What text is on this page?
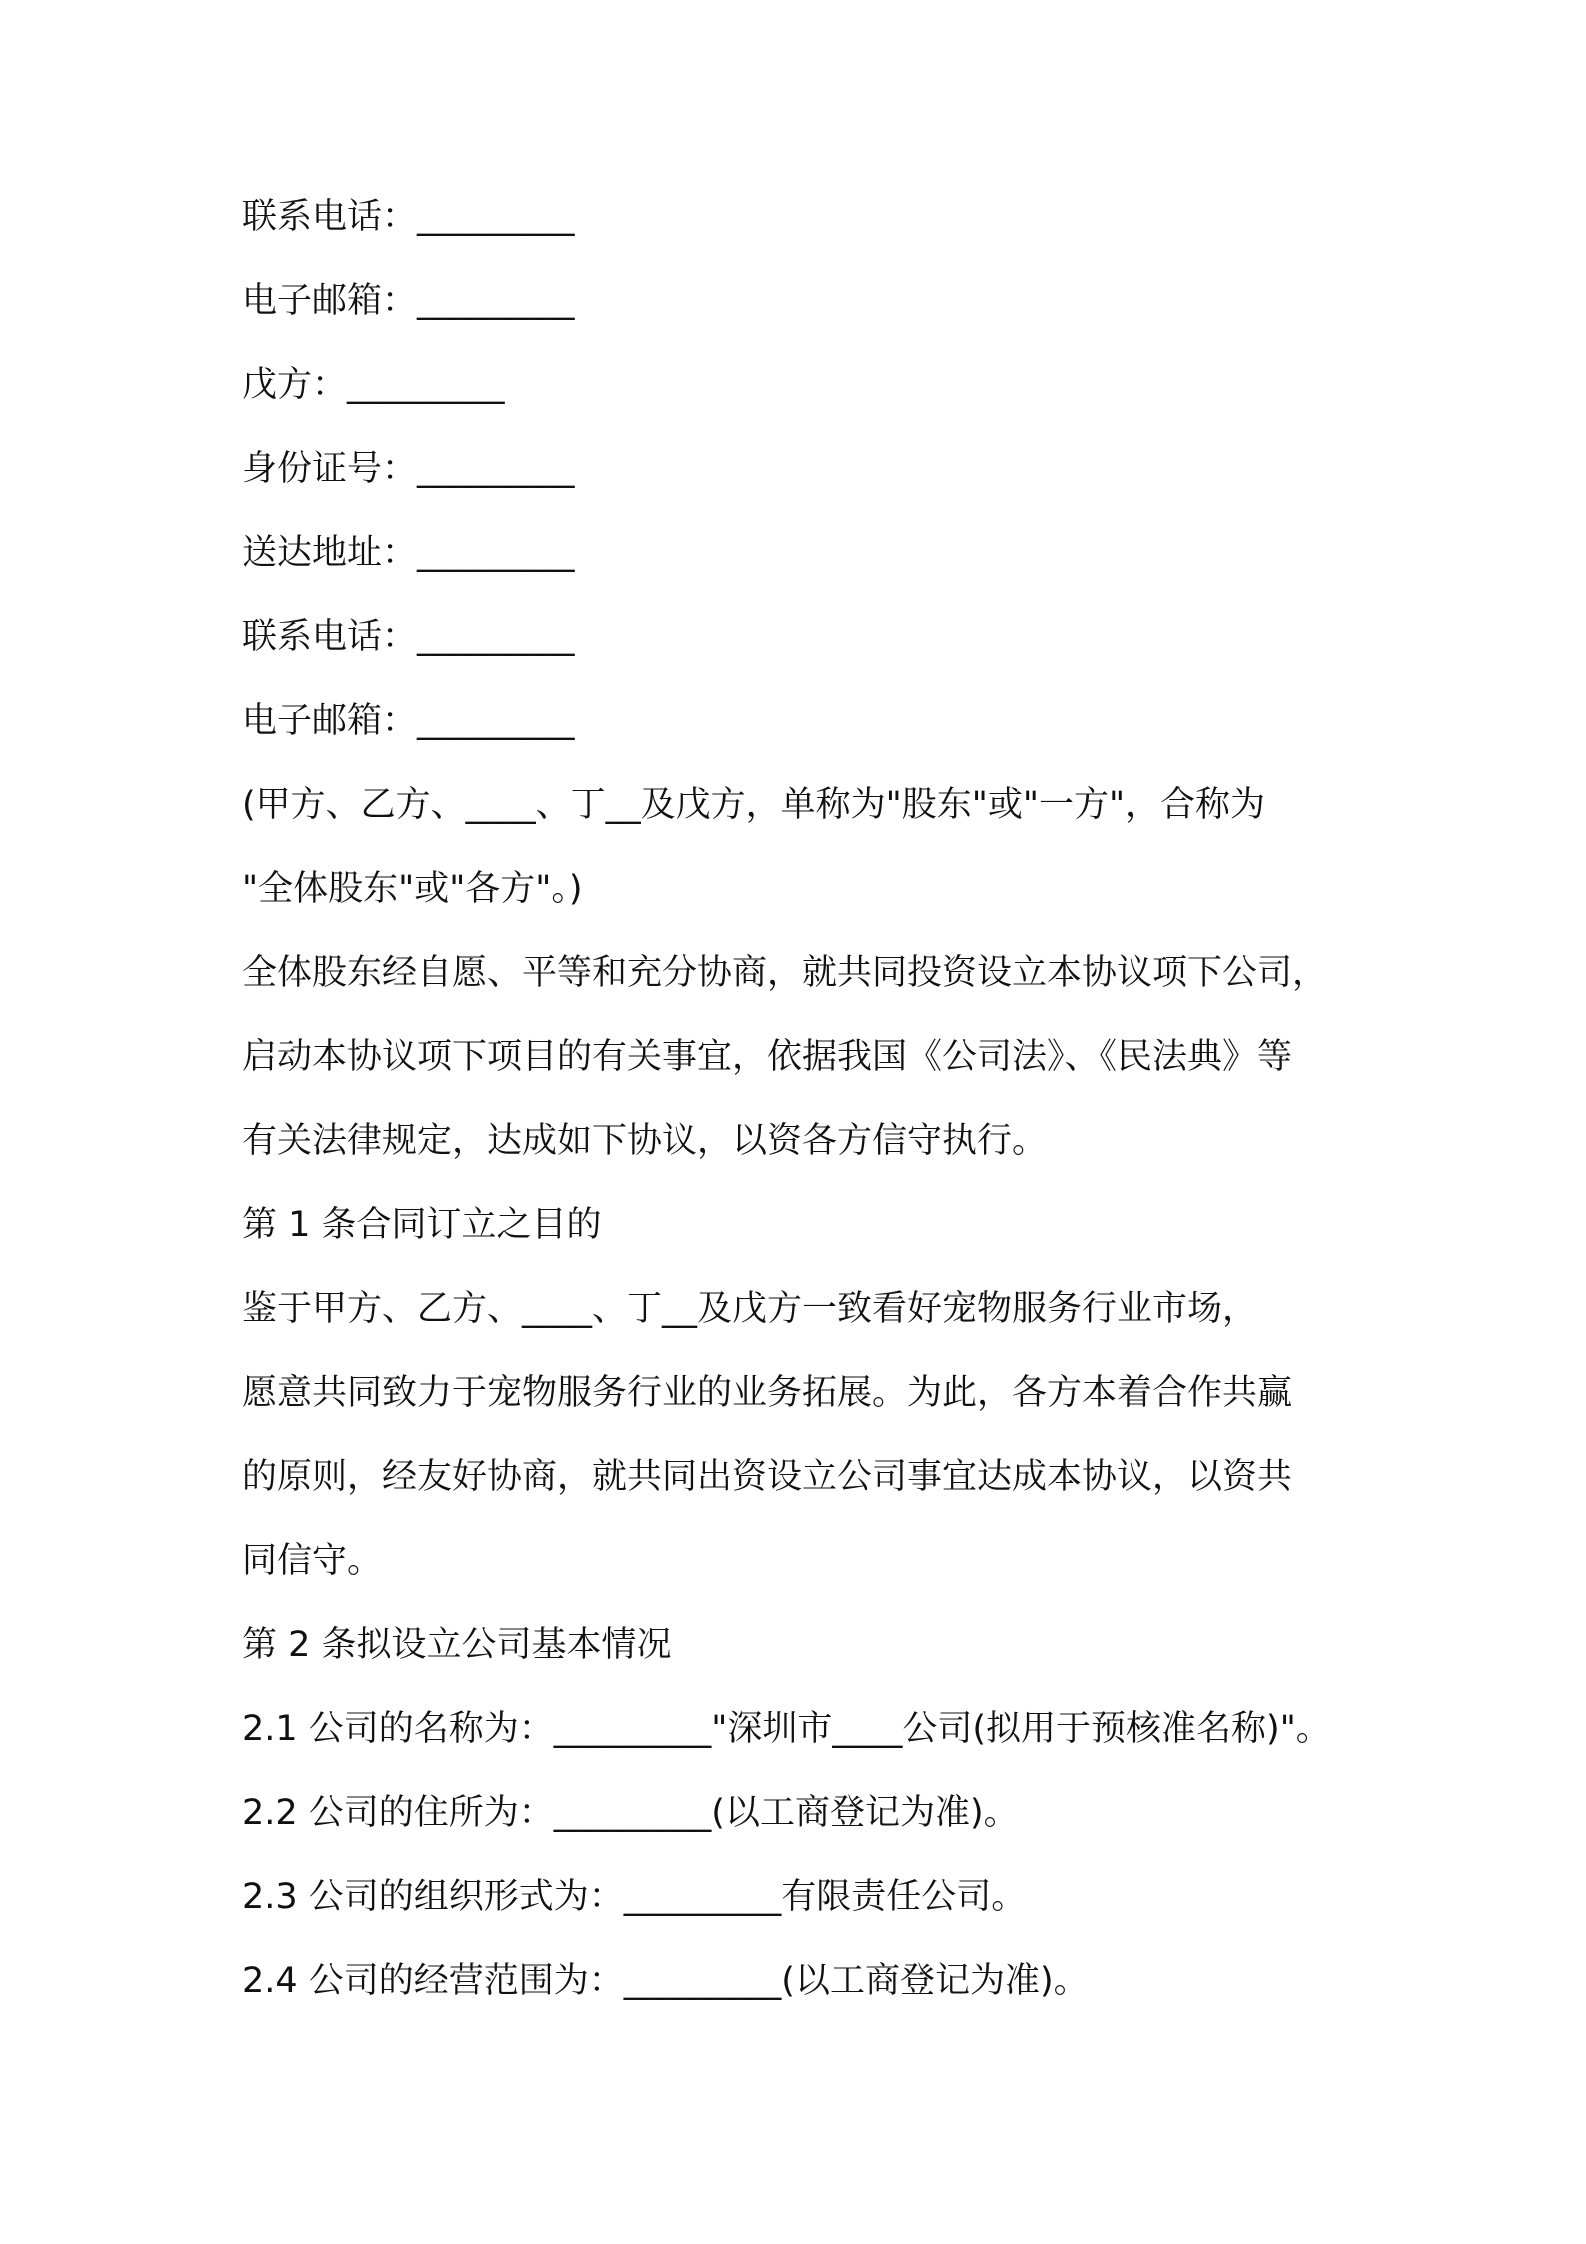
联系电话：_________
电子邮箱：_________
戊方：_________
身份证号：_________
送达地址：_________
联系电话：_________
电子邮箱：_________
(甲方、乙方、____、丁__及戊方，单称为"股东"或"一方"，合称为
"全体股东"或"各方"。)
全体股东经自愿、平等和充分协商，就共同投资设立本协议项下公司，
启动本协议项下项目的有关事宜，依据我国《公司法》、《民法典》等
有关法律规定，达成如下协议，以资各方信守执行。
第 1 条合同订立之目的
鉴于甲方、乙方、____、丁__及戊方一致看好宠物服务行业市场，
愿意共同致力于宠物服务行业的业务拓展。为此，各方本着合作共赢
的原则，经友好协商，就共同出资设立公司事宜达成本协议，以资共
同信守。
第 2 条拟设立公司基本情况
2.1 公司的名称为：_________"深圳市____公司(拟用于预核准名称)"。
2.2 公司的住所为：_________(以工商登记为准)。
2.3 公司的组织形式为：_________有限责任公司。
2.4 公司的经营范围为：_________(以工商登记为准)。
